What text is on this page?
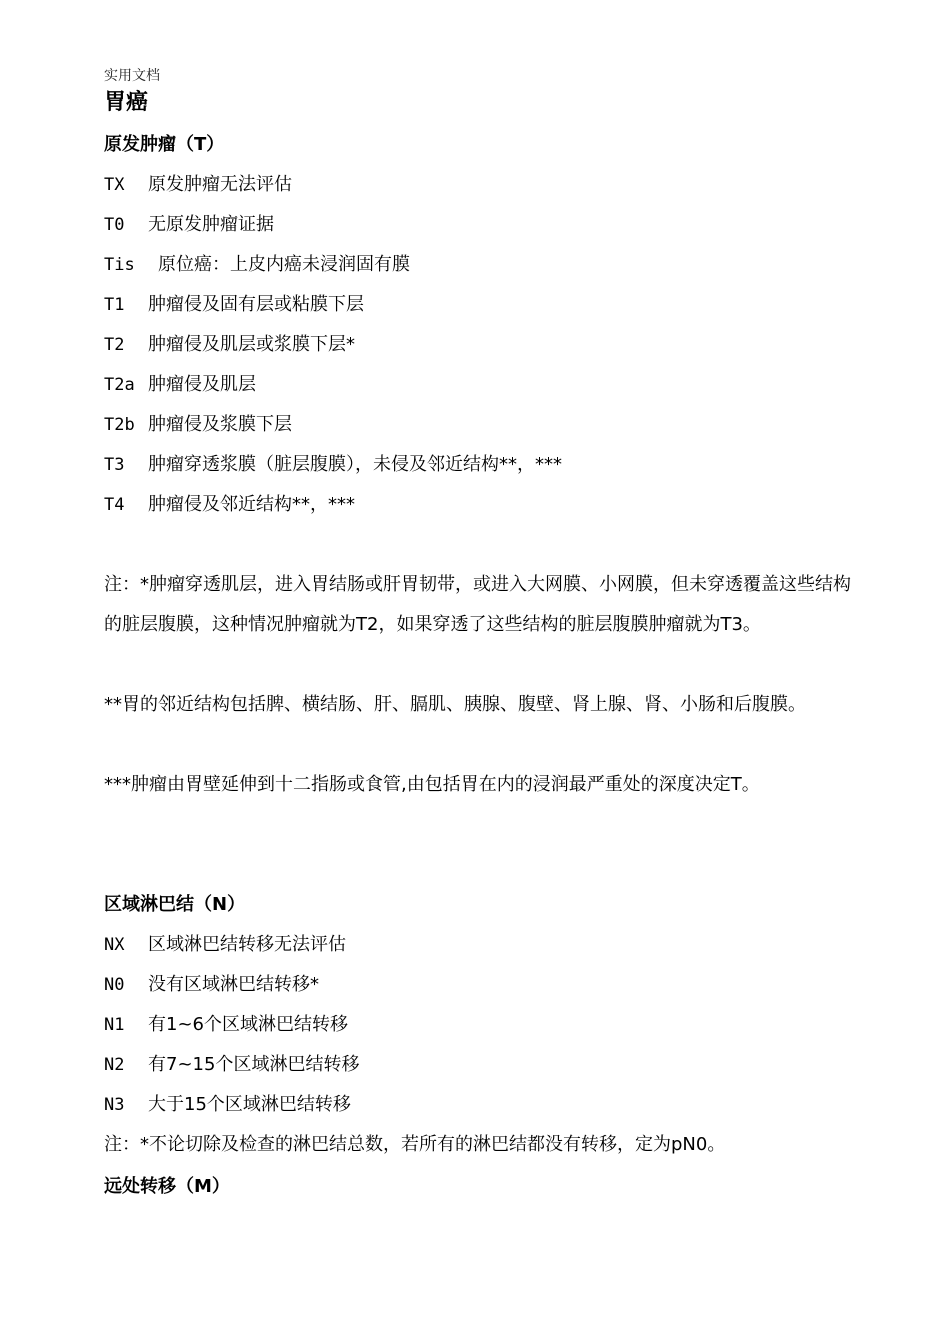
实用文档
胃癌
原发肿瘤（T）
TX 原发肿瘤无法评估
T0 无原发肿瘤证据
Tis 原位癌：上皮内癌未浸润固有膜
T1 肿瘤侵及固有层或粘膜下层
T2 肿瘤侵及肌层或浆膜下层*
T2a 肿瘤侵及肌层
T2b 肿瘤侵及浆膜下层
T3 肿瘤穿透浆膜（脏层腹膜），未侵及邻近结构**，***
T4 肿瘤侵及邻近结构**，***
注：*肿瘤穿透肌层，进入胃结肠或肝胃韧带，或进入大网膜、小网膜，但未穿透覆盖这些结构的脏层腹膜，这种情况肿瘤就为T2，如果穿透了这些结构的脏层腹膜肿瘤就为T3。
**胃的邻近结构包括脾、横结肠、肝、膈肌、胰腺、腹壁、肾上腺、肾、小肠和后腹膜。
***肿瘤由胃壁延伸到十二指肠或食管,由包括胃在内的浸润最严重处的深度决定T。
区域淋巴结（N）
NX 区域淋巴结转移无法评估
N0 没有区域淋巴结转移*
N1 有1~6个区域淋巴结转移
N2 有7~15个区域淋巴结转移
N3 大于15个区域淋巴结转移
注：*不论切除及检查的淋巴结总数，若所有的淋巴结都没有转移，定为pN0。
远处转移（M）
